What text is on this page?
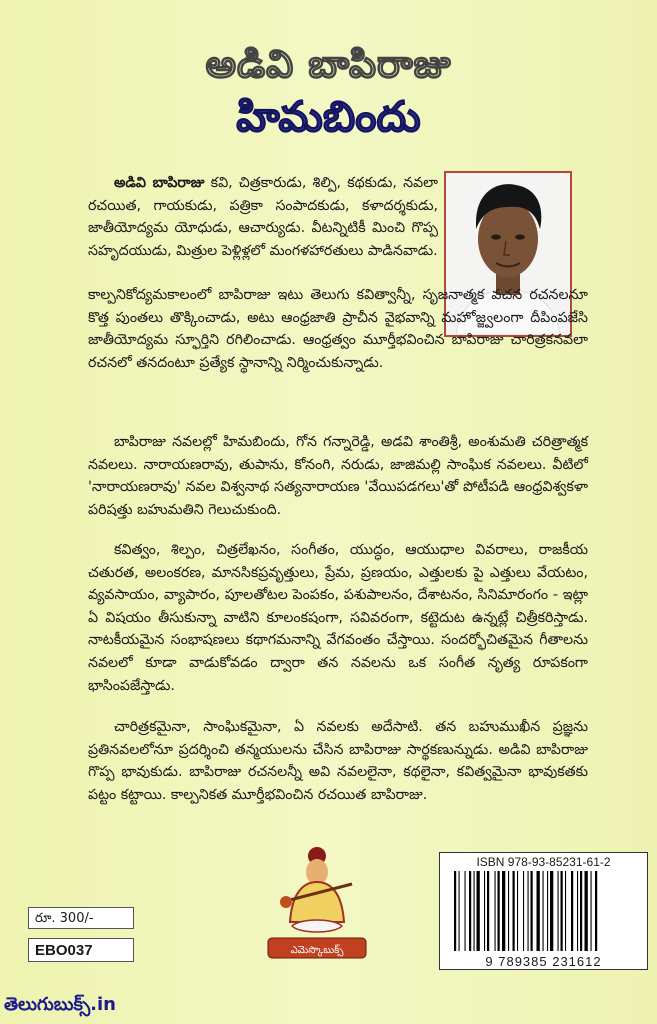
అడివి బాపిరాజు
హిమబిందు

అడివి బాపిరాజు కవి, చిత్రకారుడు, శిల్పి, కథకుడు, నవలా రచయిత, గాయకుడు, పత్రికా సంపాదకుడు, కళాదర్శకుడు, జాతీయోద్యమ యోధుడు, ఆచార్యుడు. వీటన్నిటికీ మించి గొప్ప సహృదయుడు, మిత్రుల పెళ్లిళ్లలో మంగళహారతులు పాడినవాడు.

కాల్పనికోద్యమకాలంలో బాపిరాజు ఇటు తెలుగు కవిత్వాన్నీ, సృజనాత్మక వచన రచనలనూ కొత్త పుంతలు తొక్కించాడు, అటు ఆంధ్రజాతి ప్రాచీన వైభవాన్ని మహోజ్జ్వలంగా దీపింపజేసి జాతీయోద్యమ స్ఫూర్తిని రగిలించాడు. ఆంధ్రత్వం మూర్తీభవించిన బాపిరాజు చారిత్రకనవలా రచనలో తనదంటూ ప్రత్యేక స్థానాన్ని నిర్మించుకున్నాడు.

బాపిరాజు నవలల్లో హిమబిందు, గోన గన్నారెడ్డి, అడవి శాంతిశ్రీ, అంశుమతి చరిత్రాత్మక నవలలు. నారాయణరావు, తుపాను, కోనంగి, నరుడు, జాజిమల్లి సాంఘిక నవలలు. వీటిలో 'నారాయణరావు' నవల విశ్వనాథ సత్యనారాయణ 'వేయిపడగలు'తో పోటీపడి ఆంధ్రవిశ్వకళా పరిషత్తు బహుమతిని గెలుచుకుంది.

కవిత్వం, శిల్పం, చిత్రలేఖనం, సంగీతం, యుద్ధం, ఆయుధాల వివరాలు, రాజకీయ చతురత, అలంకరణ, మానసికప్రవృత్తులు, ప్రేమ, ప్రణయం, ఎత్తులకు పై ఎత్తులు వేయటం, వ్యవసాయం, వ్యాపారం, పూలతోటల పెంపకం, పశుపాలనం, దేశాటనం, సినిమారంగం - ఇట్లా ఏ విషయం తీసుకున్నా వాటిని కూలంకషంగా, సవివరంగా, కట్టెదుట ఉన్నట్లే చిత్రీకరిస్తాడు. నాటకీయమైన సంభాషణలు కథాగమనాన్ని వేగవంతం చేస్తాయి. సందర్భోచితమైన గీతాలను నవలలో కూడా వాడుకోవడం ద్వారా తన నవలను ఒక సంగీత నృత్య రూపకంగా భాసింపజేస్తాడు.

చారిత్రకమైనా, సాంఘికమైనా, ఏ నవలకు అదేసాటి. తన బహుముఖీన ప్రజ్ఞను ప్రతినవలలోనూ ప్రదర్శించి తన్మయులను చేసిన బాపిరాజు సార్థకణున్నుడు. అడివి బాపిరాజు గొప్ప భావుకుడు. బాపిరాజు రచనలన్నీ అవి నవలలైనా, కథలైనా, కవిత్వమైనా భావుకతకు పట్టం కట్టాయి. కాల్పనికత మూర్తీభవించిన రచయిత బాపిరాజు.

ఎమెస్కొబుక్స్
ISBN 978-93-85231-61-2
9 789385 231612
రూ. 300/-
EBO037
తెలుగుబుక్స్.in
